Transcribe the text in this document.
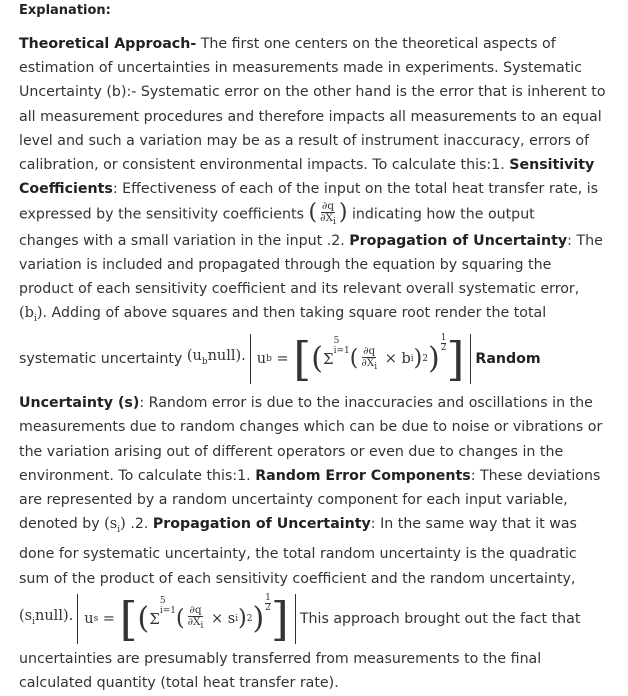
Explanation:

Theoretical Approach- The first one centers on the theoretical aspects of estimation of uncertainties in measurements made in experiments. Systematic Uncertainty (b):- Systematic error on the other hand is the error that is inherent to all measurement procedures and therefore impacts all measurements to an equal level and such a variation may be as a result of instrument inaccuracy, errors of calibration, or consistent environmental impacts. To calculate this:1. Sensitivity Coefficients: Effectiveness of each of the input on the total heat transfer rate, is expressed by the sensitivity coefficients ( $\frac{\partial q}{\partial X_i}$ ) indicating how the output
changes with a small variation in the input .2. Propagation of Uncertainty: The variation is included and propagated through the equation by squaring the product of each sensitivity coefficient and its relevant overall systematic error,
$(b_i)$. Adding of above squares and then taking square root render the total

systematic uncertainty
$(u_bnull)$. u b
=
[ ( Σ
5
i=1 ( $\frac{\partial q}{\partial X_i}$
×
b i ) 2 )
1
2 ] Random

Uncertainty (s): Random error is due to the inaccuracies and oscillations in the measurements due to random changes which can be due to noise or vibrations or the variation arising out of different operators or even due to changes in the environment. To calculate this:1. Random Error Components: These deviations are represented by a random uncertainty component for each input variable, denoted by $(s_i)$ .2. Propagation of Uncertainty: In the same way that it was done for systematic uncertainty, the total random uncertainty is the quadratic sum of the product of each sensitivity coefficient and the random uncertainty,

$(s_inull)$. u s
=
[ ( Σ
5
i=1 ( $\frac{\partial q}{\partial X_i}$
×
s i ) 2 )
1
2 ] This approach brought out the fact that

uncertainties are presumably transferred from measurements to the final calculated quantity (total heat transfer rate).
